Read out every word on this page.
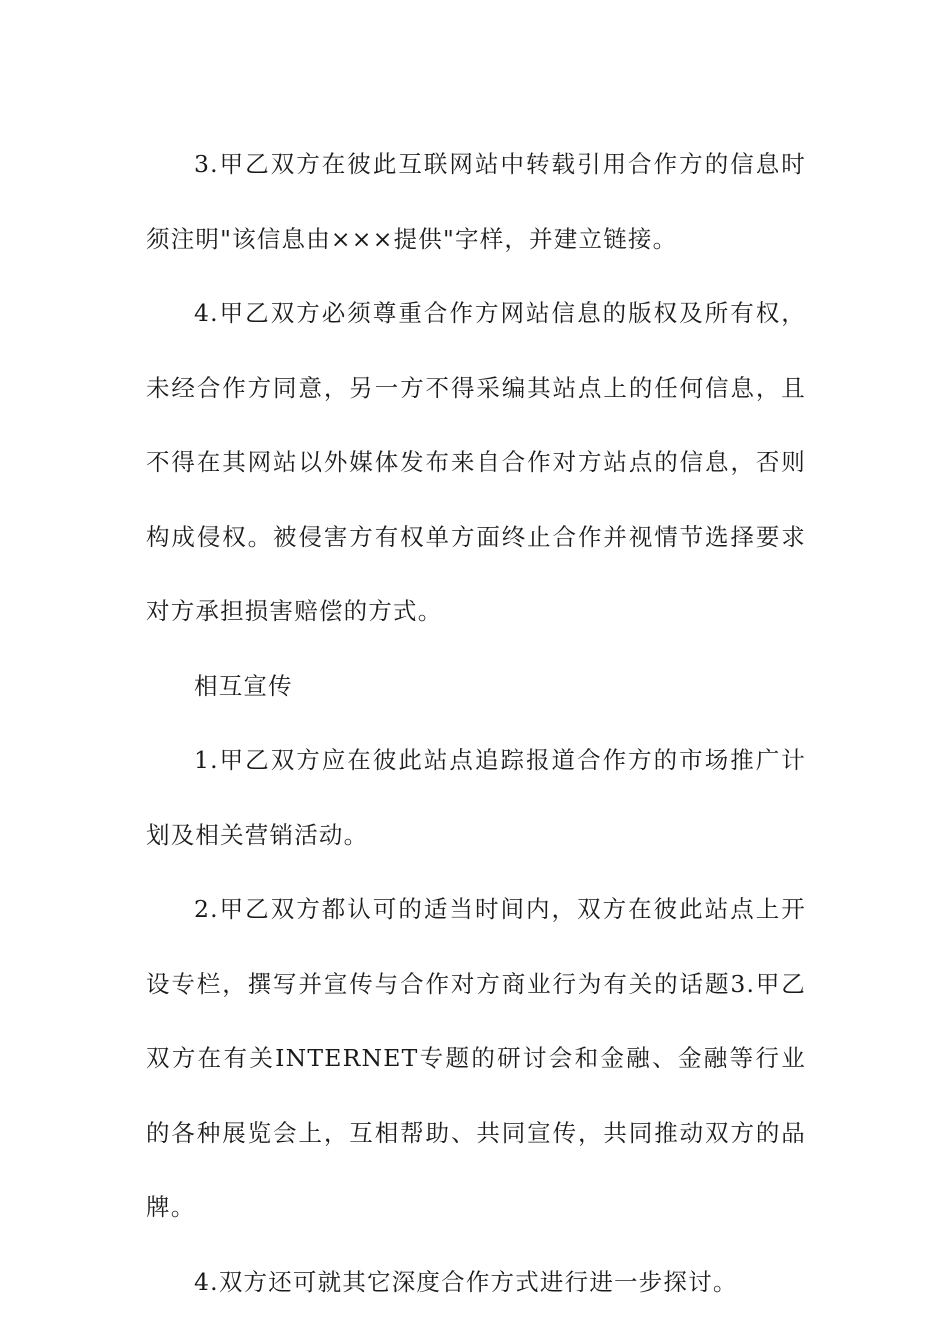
3.甲乙双方在彼此互联网站中转载引用合作方的信息时须注明"该信息由×××提供"字样，并建立链接。

4.甲乙双方必须尊重合作方网站信息的版权及所有权，未经合作方同意，另一方不得采编其站点上的任何信息，且不得在其网站以外媒体发布来自合作对方站点的信息，否则构成侵权。被侵害方有权单方面终止合作并视情节选择要求对方承担损害赔偿的方式。

相互宣传

1.甲乙双方应在彼此站点追踪报道合作方的市场推广计划及相关营销活动。

2.甲乙双方都认可的适当时间内，双方在彼此站点上开设专栏，撰写并宣传与合作对方商业行为有关的话题3.甲乙双方在有关INTERNET专题的研讨会和金融、金融等行业的各种展览会上，互相帮助、共同宣传，共同推动双方的品牌。

4.双方还可就其它深度合作方式进行进一步探讨。
